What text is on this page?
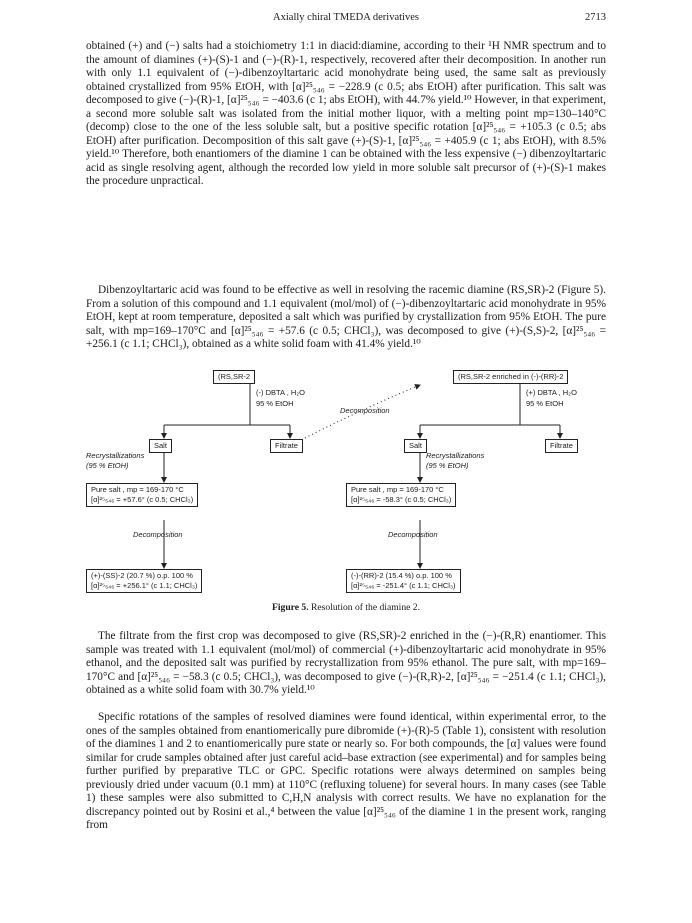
Axially chiral TMEDA derivatives	2713

obtained (+) and (−) salts had a stoichiometry 1:1 in diacid:diamine, according to their ¹H NMR spectrum and to the amount of diamines (+)-(S)-1 and (−)-(R)-1, respectively, recovered after their decomposition. In another run with only 1.1 equivalent of (−)-dibenzoyltartaric acid monohydrate being used, the same salt as previously obtained crystallized from 95% EtOH, with [α]²⁵₅₄₆ = −228.9 (c 0.5; abs EtOH) after purification. This salt was decomposed to give (−)-(R)-1, [α]²⁵₅₄₆ = −403.6 (c 1; abs EtOH), with 44.7% yield.¹⁰ However, in that experiment, a second more soluble salt was isolated from the initial mother liquor, with a melting point mp=130–140°C (decomp) close to the one of the less soluble salt, but a positive specific rotation [α]²⁵₅₄₆ = +105.3 (c 0.5; abs EtOH) after purification. Decomposition of this salt gave (+)-(S)-1, [α]²⁵₅₄₆ = +405.9 (c 1; abs EtOH), with 8.5% yield.¹⁰ Therefore, both enantiomers of the diamine 1 can be obtained with the less expensive (−) dibenzoyltartaric acid as single resolving agent, although the recorded low yield in more soluble salt precursor of (+)-(S)-1 makes the procedure unpractical.

Dibenzoyltartaric acid was found to be effective as well in resolving the racemic diamine (RS,SR)-2 (Figure 5). From a solution of this compound and 1.1 equivalent (mol/mol) of (−)-dibenzoyltartaric acid monohydrate in 95% EtOH, kept at room temperature, deposited a salt which was purified by crystallization from 95% EtOH. The pure salt, with mp=169–170°C and [α]²⁵₅₄₆ = +57.6 (c 0.5; CHCl₃), was decomposed to give (+)-(S,S)-2, [α]²⁵₅₄₆ = +256.1 (c 1.1; CHCl₃), obtained as a white solid foam with 41.4% yield.¹⁰

(RS,SR-2	(RS,SR-2 enriched in (-)-(RR)-2
(-) DBTA , H₂O
95 % EtOH
(+) DBTA , H₂O
95 % EtOH
Decomposition
Salt	Filtrate	Salt	Filtrate
Recrystallizations
(95 % EtOH)
Recrystallizations
(95 % EtOH)
Pure salt , mp = 169-170 °C
[α]²⁵₅₄₆ = +57.6° (c 0.5; CHCl₃)
Pure salt , mp = 169-170 °C
[α]²⁵₅₄₆ = -58.3° (c 0.5; CHCl₃)
Decomposition	Decomposition
(+)-(SS)-2 (20.7 %) o.p. 100 %
[α]²⁵₅₄₆ = +256.1° (c 1.1; CHCl₃)
(-)-(RR)-2 (15.4 %) o.p. 100 %
[α]²⁵₅₄₆ = -251.4° (c 1.1; CHCl₃)
Figure 5. Resolution of the diamine 2.

The filtrate from the first crop was decomposed to give (RS,SR)-2 enriched in the (−)-(R,R) enantiomer. This sample was treated with 1.1 equivalent (mol/mol) of commercial (+)-dibenzoyltartaric acid monohydrate in 95% ethanol, and the deposited salt was purified by recrystallization from 95% ethanol. The pure salt, with mp=169–170°C and [α]²⁵₅₄₆ = −58.3 (c 0.5; CHCl₃), was decomposed to give (−)-(R,R)-2, [α]²⁵₅₄₆ = −251.4 (c 1.1; CHCl₃), obtained as a white solid foam with 30.7% yield.¹⁰

Specific rotations of the samples of resolved diamines were found identical, within experimental error, to the ones of the samples obtained from enantiomerically pure dibromide (+)-(R)-5 (Table 1), consistent with resolution of the diamines 1 and 2 to enantiomerically pure state or nearly so. For both compounds, the [α] values were found similar for crude samples obtained after just careful acid–base extraction (see experimental) and for samples being further purified by preparative TLC or GPC. Specific rotations were always determined on samples being previously dried under vacuum (0.1 mm) at 110°C (refluxing toluene) for several hours. In many cases (see Table 1) these samples were also submitted to C,H,N analysis with correct results. We have no explanation for the discrepancy pointed out by Rosini et al.,⁴ between the value [α]²⁵₅₄₆ of the diamine 1 in the present work, ranging from
